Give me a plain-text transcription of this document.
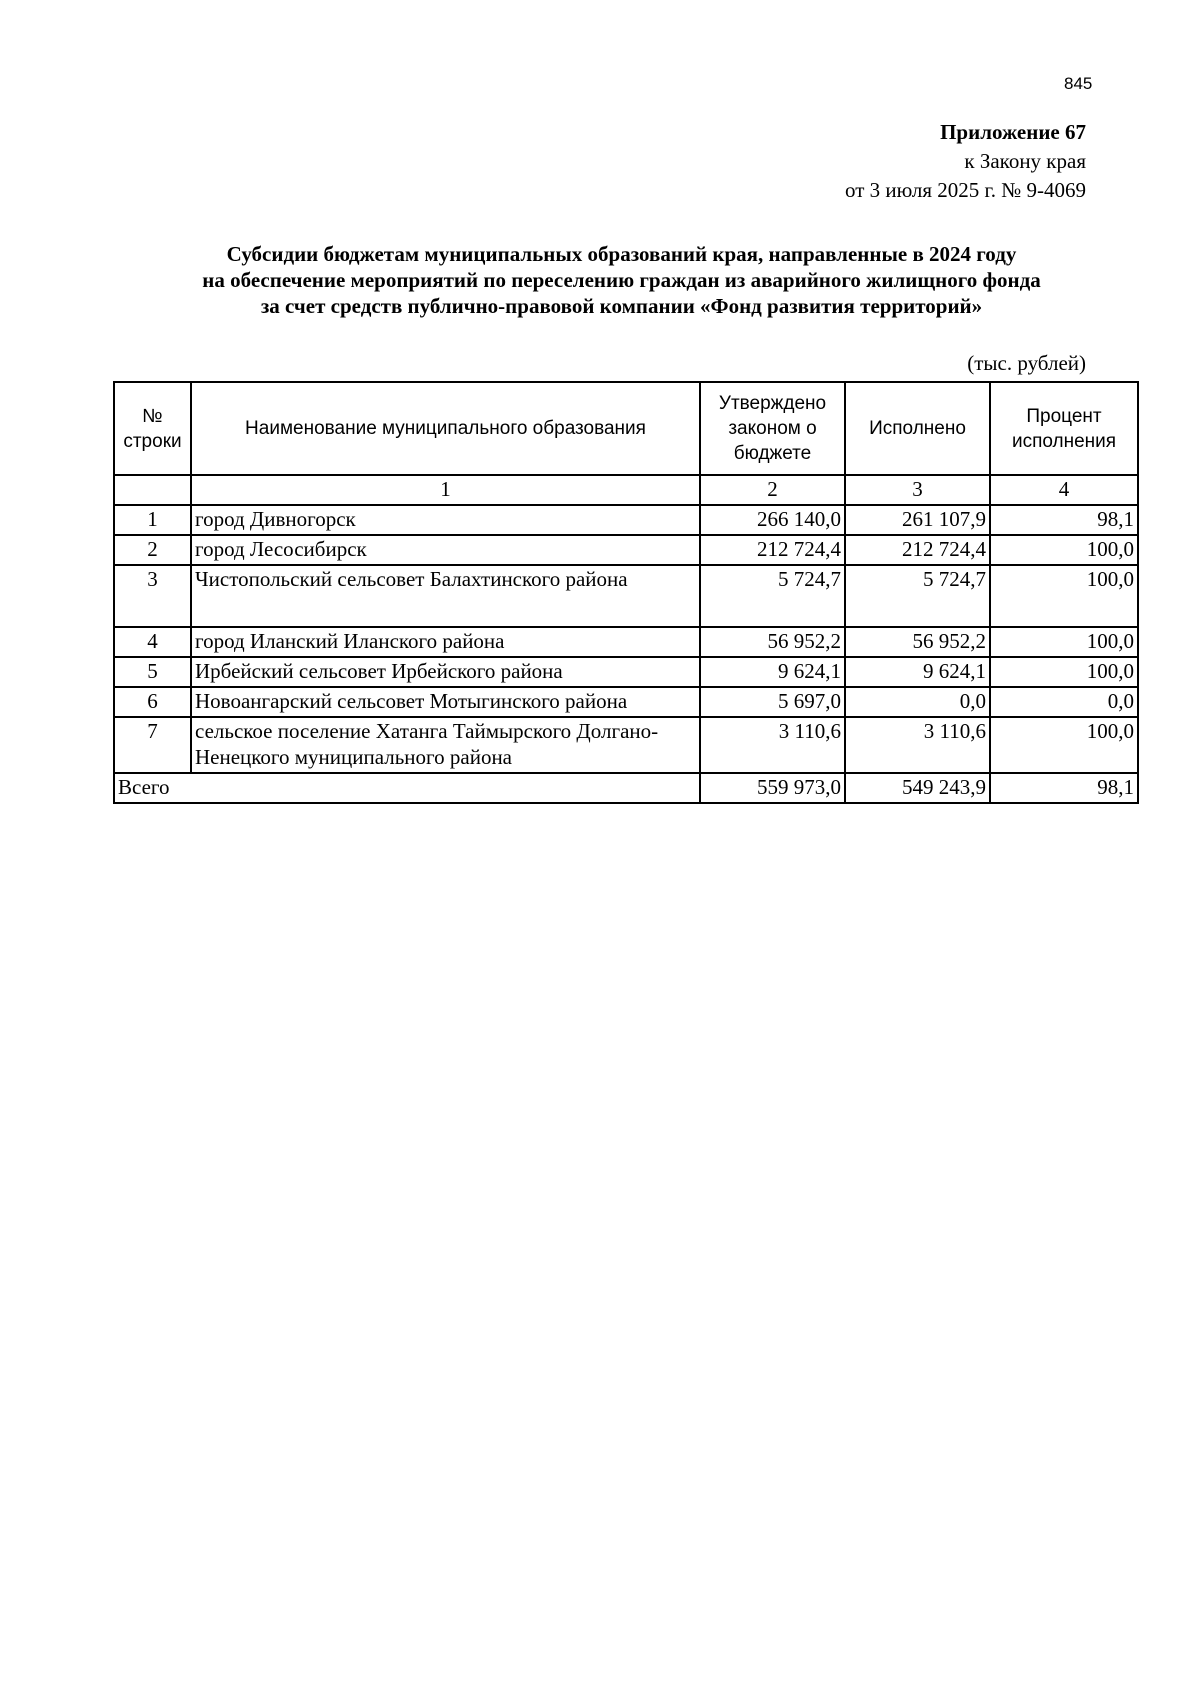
845
Приложение 67
к Закону края
от 3 июля 2025 г. № 9-4069
Субсидии бюджетам муниципальных образований края, направленные в 2024 году
на обеспечение мероприятий по переселению граждан из аварийного жилищного фонда
за счет средств публично-правовой компании «Фонд развития территорий»
(тыс. рублей)
№ строки	Наименование муниципального образования	Утверждено законом о бюджете	Исполнено	Процент исполнения
	1	2	3	4
1	город Дивногорск	266 140,0	261 107,9	98,1
2	город Лесосибирск	212 724,4	212 724,4	100,0
3	Чистопольский сельсовет Балахтинского района	5 724,7	5 724,7	100,0
4	город Иланский Иланского района	56 952,2	56 952,2	100,0
5	Ирбейский сельсовет Ирбейского района	9 624,1	9 624,1	100,0
6	Новоангарский сельсовет Мотыгинского района	5 697,0	0,0	0,0
7	сельское поселение Хатанга Таймырского Долгано-Ненецкого муниципального района	3 110,6	3 110,6	100,0
Всего		559 973,0	549 243,9	98,1
